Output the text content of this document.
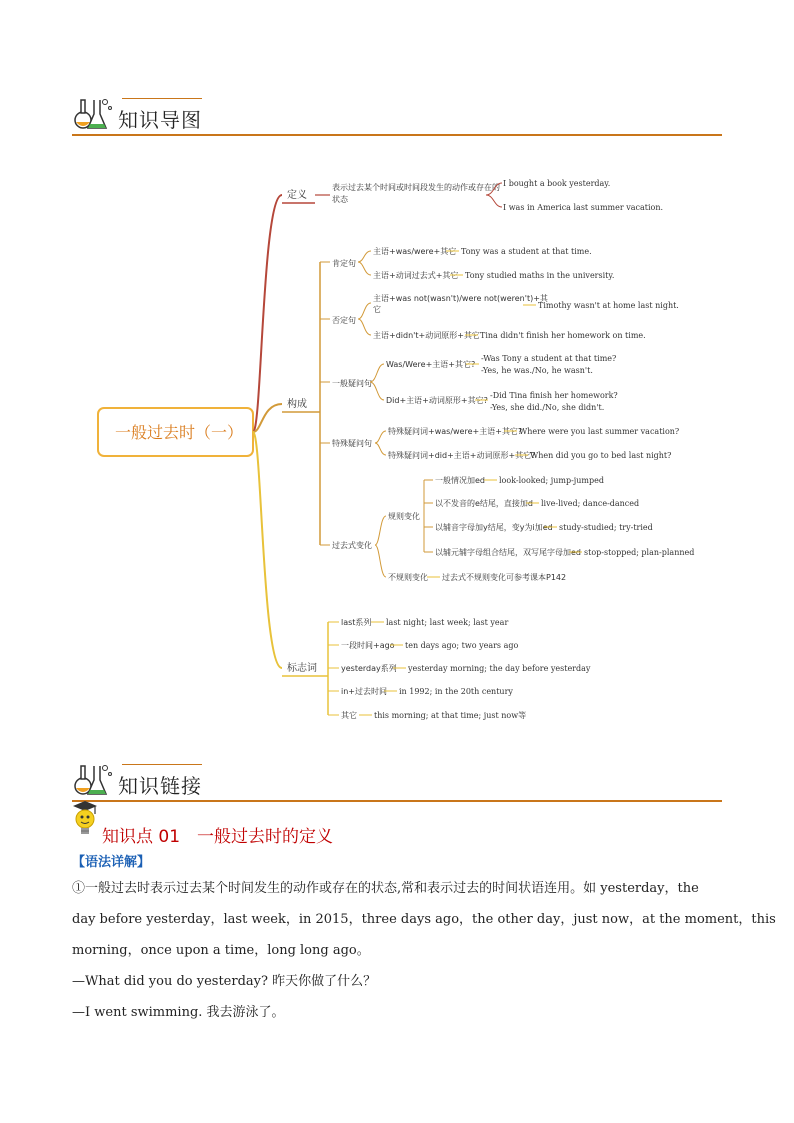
知识导图
一般过去时（一）
定义
表示过去某个时间或时间段发生的动作或存在的
状态
I bought a book yesterday.
I was in America last summer vacation.
构成
肯定句
主语+was/were+其它 Tony was a student at that time.
主语+动词过去式+其它 Tony studied maths in the university.
否定句
主语+was not(wasn't)/were not(weren't)+其
它	Timothy wasn't at home last night.
主语+didn't+动词原形+其它 Tina didn't finish her homework on time.
一般疑问句
Was/Were+主语+其它?
-Was Tony a student at that time?
-Yes, he was./No, he wasn't.
Did+主语+动词原形+其它?
-Did Tina finish her homework?
-Yes, she did./No, she didn't.
特殊疑问句
特殊疑问词+was/were+主语+其它?
Where were you last summer vacation?
特殊疑问词+did+主语+动词原形+其它?
When did you go to bed last night?
过去式变化
规则变化
一般情况加ed look-looked; jump-jumped
以不发音的e结尾，直接加d live-lived; dance-danced
以辅音字母加y结尾，变y为i加ed study-studied; try-tried
以辅元辅字母组合结尾，双写尾字母加ed stop-stopped; plan-planned
不规则变化 过去式不规则变化可参考课本P142
标志词
last系列 last night; last week; last year
一段时间+ago ten days ago; two years ago
yesterday系列 yesterday morning; the day before yesterday
in+过去时间 in 1992; in the 20th century
其它 this morning; at that time; just now等
知识链接
知识点 01　一般过去时的定义
【语法详解】
①一般过去时表示过去某个时间发生的动作或存在的状态,常和表示过去的时间状语连用。如 yesterday，the
day before yesterday，last week，in 2015，three days ago，the other day，just now，at the moment，this
morning，once upon a time，long long ago。
—What did you do yesterday? 昨天你做了什么？
—I went swimming. 我去游泳了。
